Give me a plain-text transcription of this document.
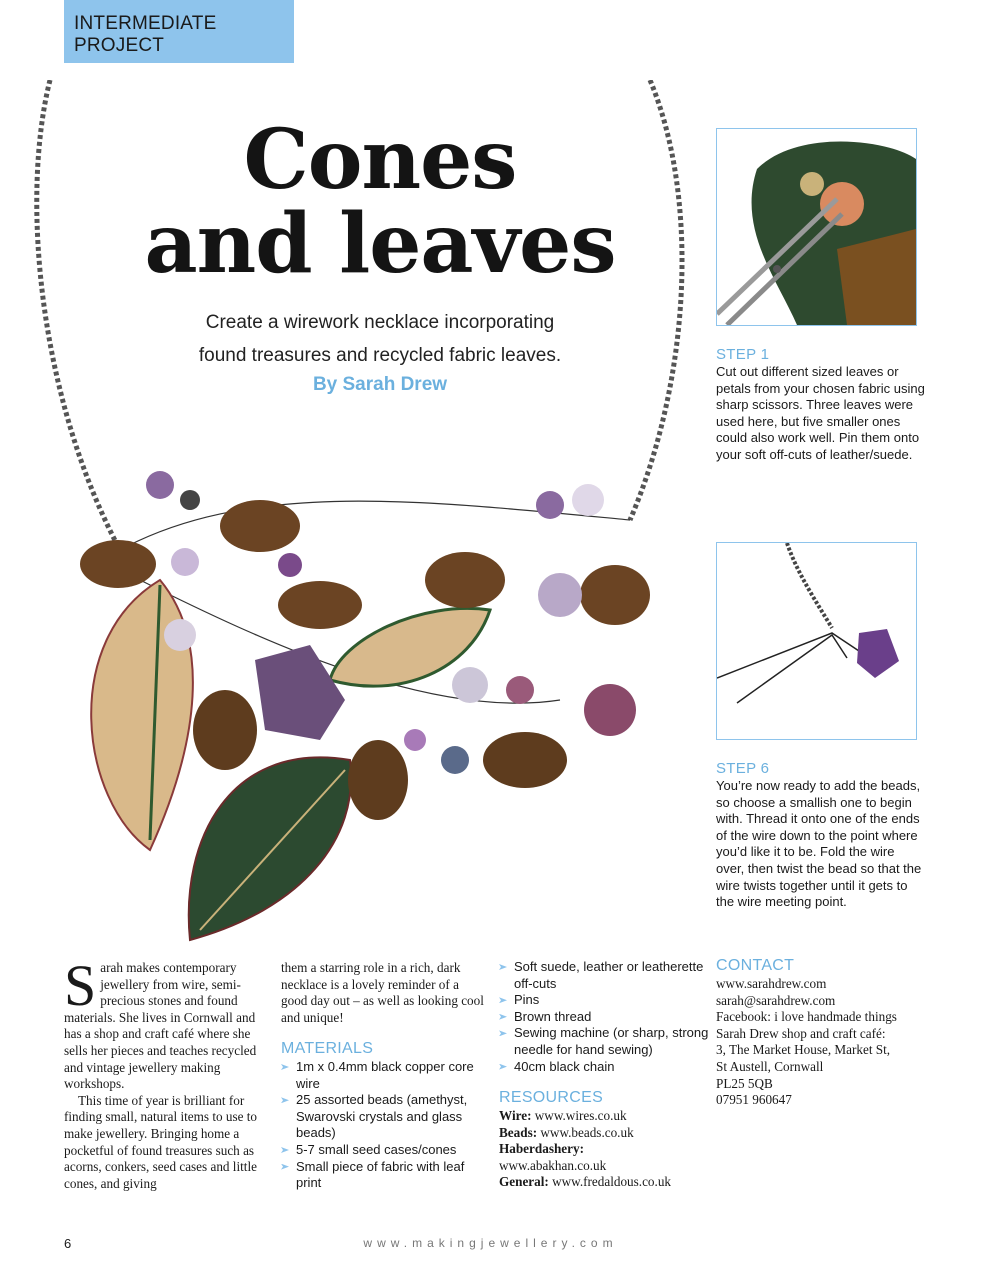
INTERMEDIATE PROJECT
Cones
and leaves
Create a wirework necklace incorporating
found treasures and recycled fabric leaves.
By Sarah Drew
STEP 1
Cut out different sized leaves or petals from your chosen fabric using sharp scissors. Three leaves were used here, but five smaller ones could also work well. Pin them onto your soft off-cuts of leather/suede.
STEP 6
You’re now ready to add the beads, so choose a smallish one to begin with. Thread it onto one of the ends of the wire down to the point where you’d like it to be. Fold the wire over, then twist the bead so that the wire twists together until it gets to the wire meeting point.
S arah makes contemporary jewellery from wire, semi-precious stones and found materials. She lives in Cornwall and has a shop and craft café where she sells her pieces and teaches recycled and vintage jewellery making workshops.
This time of year is brilliant for finding small, natural items to use to make jewellery. Bringing home a pocketful of found treasures such as acorns, conkers, seed cases and little cones, and giving
them a starring role in a rich, dark necklace is a lovely reminder of a good day out – as well as looking cool and unique!
MATERIALS
1m x 0.4mm black copper core wire
25 assorted beads (amethyst, Swarovski crystals and glass beads)
5-7 small seed cases/cones
Small piece of fabric with leaf print
Soft suede, leather or leatherette off-cuts
Pins
Brown thread
Sewing machine (or sharp, strong needle for hand sewing)
40cm black chain
RESOURCES
Wire: www.wires.co.uk
Beads: www.beads.co.uk
Haberdashery:
www.abakhan.co.uk
General: www.fredaldous.co.uk
CONTACT
www.sarahdrew.com
sarah@sarahdrew.com
Facebook: i love handmade things
Sarah Drew shop and craft café:
3, The Market House, Market St,
St Austell, Cornwall
PL25 5QB
07951 960647
6	www.makingjewellery.com
